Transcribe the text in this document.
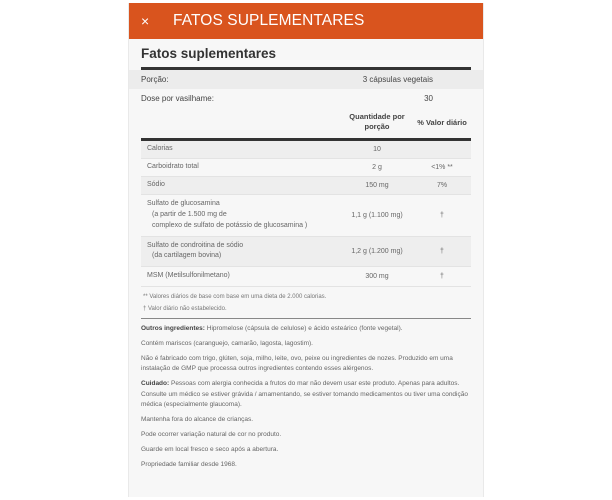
×	FATOS SUPLEMENTARES
Fatos suplementares
Porção:	3 cápsulas vegetais
Dose por vasilhame:	30
Quantidade por porção	% Valor diário
Calorias	10
Carboidrato total	2 g	<1% **
Sódio	150 mg	7%
Sulfato de glucosamina
(a partir de 1.500 mg de
complexo de sulfato de potássio de glucosamina )
1,1 g (1.100 mg)	†
Sulfato de condroitina de sódio
(da cartilagem bovina)
1,2 g (1.200 mg)	†
MSM (Metilsulfonilmetano)	300 mg	†
** Valores diários de base com base em uma dieta de 2.000 calorias.
† Valor diário não estabelecido.

Outros ingredientes: Hipromelose (cápsula de celulose) e ácido esteárico (fonte vegetal).

Contém mariscos (caranguejo, camarão, lagosta, lagostim).

Não é fabricado com trigo, glúten, soja, milho, leite, ovo, peixe ou ingredientes de nozes. Produzido em uma instalação de GMP que processa outros ingredientes contendo esses alérgenos.

Cuidado: Pessoas com alergia conhecida a frutos do mar não devem usar este produto. Apenas para adultos. Consulte um médico se estiver grávida / amamentando, se estiver tomando medicamentos ou tiver uma condição médica (especialmente glaucoma).

Mantenha fora do alcance de crianças.

Pode ocorrer variação natural de cor no produto.

Guarde em local fresco e seco após a abertura.

Propriedade familiar desde 1968.
